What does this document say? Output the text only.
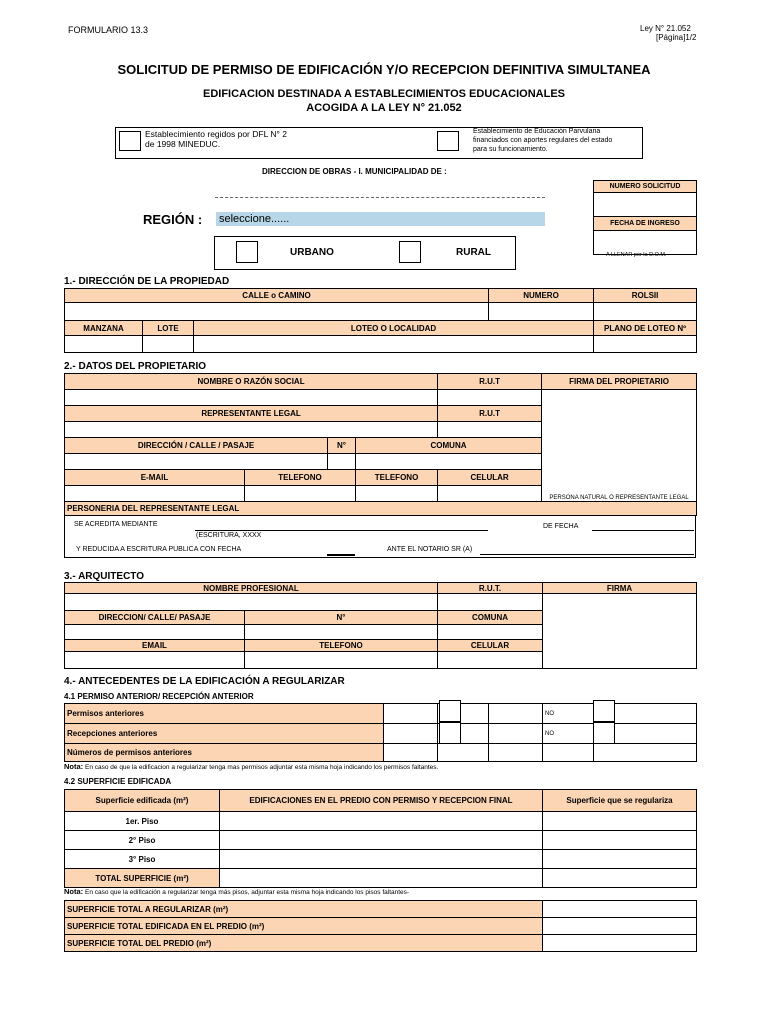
FORMULARIO 13.3	Ley N° 21.052
[Página]1/2
SOLICITUD DE PERMISO DE EDIFICACIÓN Y/O RECEPCION DEFINITIVA SIMULTANEA
EDIFICACION DESTINADA A ESTABLECIMIENTOS EDUCACIONALES
ACOGIDA A LA LEY N° 21.052
Establecimiento regidos por DFL N° 2
de 1998 MINEDUC.
Establecimiento de Educación Parvularia
financiados con aportes regulares del estado
para su funcionamiento.
DIRECCION DE OBRAS - I. MUNICIPALIDAD DE :
REGIÓN : seleccione......
URBANO	RURAL
NUMERO SOLICITUD

FECHA DE INGRESO

A LLENAR por la D.O.M.
1.- DIRECCIÓN DE LA PROPIEDAD
CALLE o CAMINO			NUMERO	ROLSII

MANZANA	LOTE	LOTEO O LOCALIDAD		PLANO DE LOTEO Nº

2.- DATOS DEL PROPIETARIO
NOMBRE O RAZÓN SOCIAL				R.U.T	FIRMA DEL PROPIETARIO	
					PERSONA NATURAL O REPRESENTANTE LEGAL	
REPRESENTANTE LEGAL				R.U.T		

DIRECCIÓN / CALLE / PASAJE		N°	COMUNA			

E-MAIL	TELEFONO		TELEFONO	CELULAR		

PERSONERIA DEL REPRESENTANTE LEGAL						
SE ACREDITA MEDIANTE
(ESCRITURA, XXXX
DE FECHA
Y REDUCIDA A ESCRITURA PUBLICA CON FECHA	ANTE EL NOTARIO SR (A)
3.- ARQUITECTO
NOMBRE PROFESIONAL		R.U.T.	FIRMA

DIRECCION/ CALLE/ PASAJE	N°	COMUNA	

EMAIL	TELEFONO	CELULAR	

4.- ANTECEDENTES DE LA EDIFICACIÓN A REGULARIZAR
4.1 PERMISO ANTERIOR/ RECEPCIÓN ANTERIOR
Permisos anteriores				NO	
Recepciones anteriores				NO	
Números de permisos anteriores					
Nota: En caso de que la edificacion a regularizar tenga mas permisos adjuntar esta misma hoja indicando los permisos faltantes.
4.2 SUPERFICIE EDIFICADA
Superficie edificada (m²)	EDIFICACIONES EN EL PREDIO CON PERMISO Y RECEPCION FINAL	Superficie que se regulariza
1er. Piso		
2° Piso		
3° Piso		
TOTAL SUPERFICIE (m²)		
Nota: En caso que la edificación a regularizar tenga más pisos, adjuntar esta misma hoja indicando los pisos faltantes-
SUPERFICIE TOTAL A REGULARIZAR (m²)	
SUPERFICIE TOTAL EDIFICADA EN EL PREDIO (m²)	
SUPERFICIE TOTAL DEL PREDIO (m²)	
